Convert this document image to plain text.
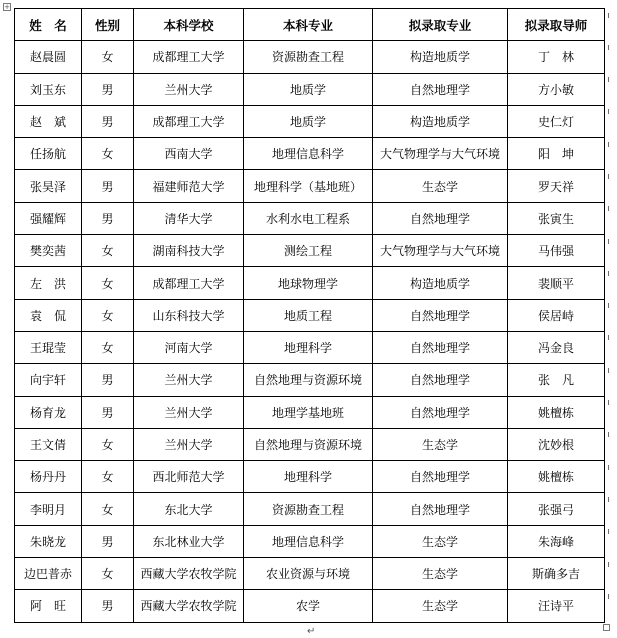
+
姓　名	性别	本科学校	本科专业	拟录取专业	拟录取导师
赵晨圆	女	成都理工大学	资源勘查工程	构造地质学	丁　林
刘玉东	男	兰州大学	地质学	自然地理学	方小敏
赵　斌	男	成都理工大学	地质学	构造地质学	史仁灯
任扬航	女	西南大学	地理信息科学	大气物理学与大气环境	阳　坤
张昊泽	男	福建师范大学	地理科学（基地班）	生态学	罗天祥
强耀辉	男	清华大学	水利水电工程系	自然地理学	张寅生
樊奕茜	女	湖南科技大学	测绘工程	大气物理学与大气环境	马伟强
左　洪	女	成都理工大学	地球物理学	构造地质学	裴顺平
袁　侃	女	山东科技大学	地质工程	自然地理学	侯居峙
王琨莹	女	河南大学	地理科学	自然地理学	冯金良
向宇轩	男	兰州大学	自然地理与资源环境	自然地理学	张　凡
杨育龙	男	兰州大学	地理学基地班	自然地理学	姚檀栋
王文倩	女	兰州大学	自然地理与资源环境	生态学	沈妙根
杨丹丹	女	西北师范大学	地理科学	自然地理学	姚檀栋
李明月	女	东北大学	资源勘查工程	自然地理学	张强弓
朱晓龙	男	东北林业大学	地理信息科学	生态学	朱海峰
边巴普赤	女	西藏大学农牧学院	农业资源与环境	生态学	斯确多吉
阿　旺	男	西藏大学农牧学院	农学	生态学	汪诗平
↵
